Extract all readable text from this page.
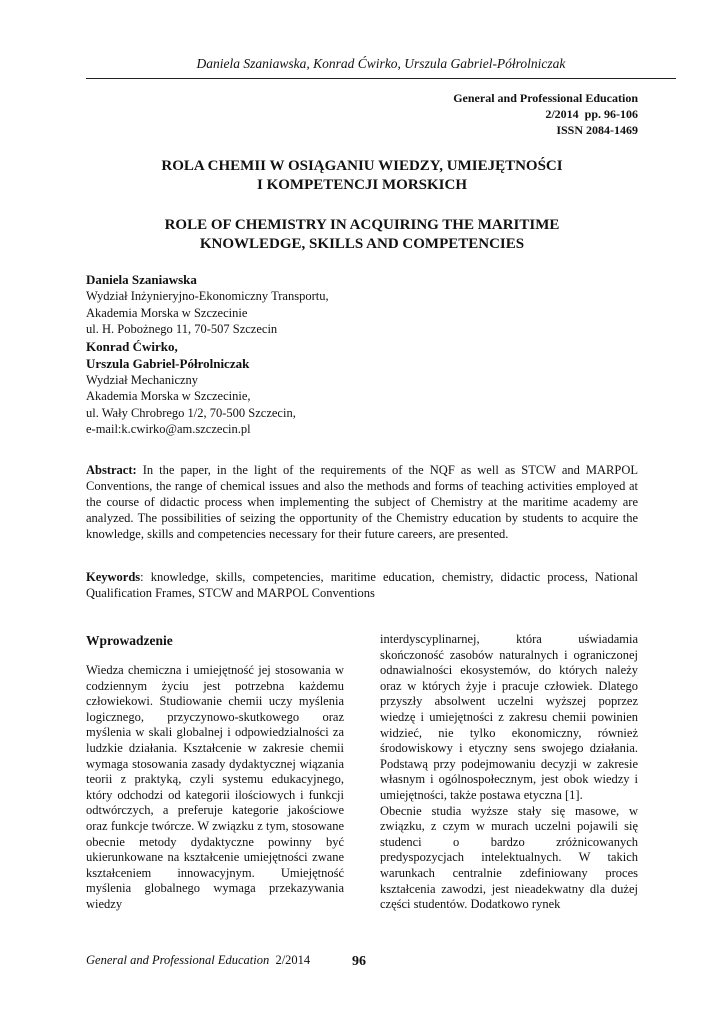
Daniela Szaniawska, Konrad Ćwirko, Urszula Gabriel-Półrolniczak
General and Professional Education
2/2014  pp. 96-106
ISSN 2084-1469
ROLA CHEMII W OSIĄGANIU WIEDZY, UMIEJĘTNOŚCI
I KOMPETENCJI MORSKICH
ROLE OF CHEMISTRY IN ACQUIRING THE MARITIME
KNOWLEDGE, SKILLS AND COMPETENCIES
Daniela Szaniawska
Wydział Inżynieryjno-Ekonomiczny Transportu,
Akademia Morska w Szczecinie
ul. H. Pobożnego 11, 70-507 Szczecin
Konrad Ćwirko,
Urszula Gabriel-Półrolniczak
Wydział Mechaniczny
Akademia Morska w Szczecinie,
ul. Wały Chrobrego 1/2, 70-500 Szczecin,
e-mail:k.cwirko@am.szczecin.pl
Abstract: In the paper, in the light of the requirements of the NQF as well as STCW and MARPOL Conventions, the range of chemical issues and also the methods and forms of teaching activities employed at the course of didactic process when implementing the subject of Chemistry at the maritime academy are analyzed. The possibilities of seizing the opportunity of the Chemistry education by students to acquire the knowledge, skills and competencies necessary for their future careers, are presented.
Keywords: knowledge, skills, competencies, maritime education, chemistry, didactic process, National Qualification Frames, STCW and MARPOL Conventions
Wprowadzenie

Wiedza chemiczna i umiejętność jej stosowania w codziennym życiu jest potrzebna każdemu człowiekowi. Studiowanie chemii uczy myślenia logicznego, przyczynowo-skutkowego oraz myślenia w skali globalnej i odpowiedzialności za ludzkie działania. Kształcenie w zakresie chemii wymaga stosowania zasady dydaktycznej wiązania teorii z praktyką, czyli systemu edukacyjnego, który odchodzi od kategorii ilościowych i funkcji odtwórczych, a preferuje kategorie jakościowe oraz funkcje twórcze. W związku z tym, stosowane obecnie metody dydaktyczne powinny być ukierunkowane na kształcenie umiejętności zwane kształceniem innowacyjnym. Umiejętność myślenia globalnego wymaga przekazywania wiedzy

interdyscyplinarnej, która uświadamia skończoność zasobów naturalnych i ograniczonej odnawialności ekosystemów, do których należy oraz w których żyje i pracuje człowiek. Dlatego przyszły absolwent uczelni wyższej poprzez wiedzę i umiejętności z zakresu chemii powinien widzieć, nie tylko ekonomiczny, również środowiskowy i etyczny sens swojego działania. Podstawą przy podejmowaniu decyzji w zakresie własnym i ogólnospołecznym, jest obok wiedzy i umiejętności, także postawa etyczna [1].

Obecnie studia wyższe stały się masowe, w związku, z czym w murach uczelni pojawili się studenci o bardzo zróżnicowanych predyspozycjach intelektualnych. W takich warunkach centralnie zdefiniowany proces kształcenia zawodzi, jest nieadekwatny dla dużej części studentów. Dodatkowo rynek

General and Professional Education  2/2014	96
